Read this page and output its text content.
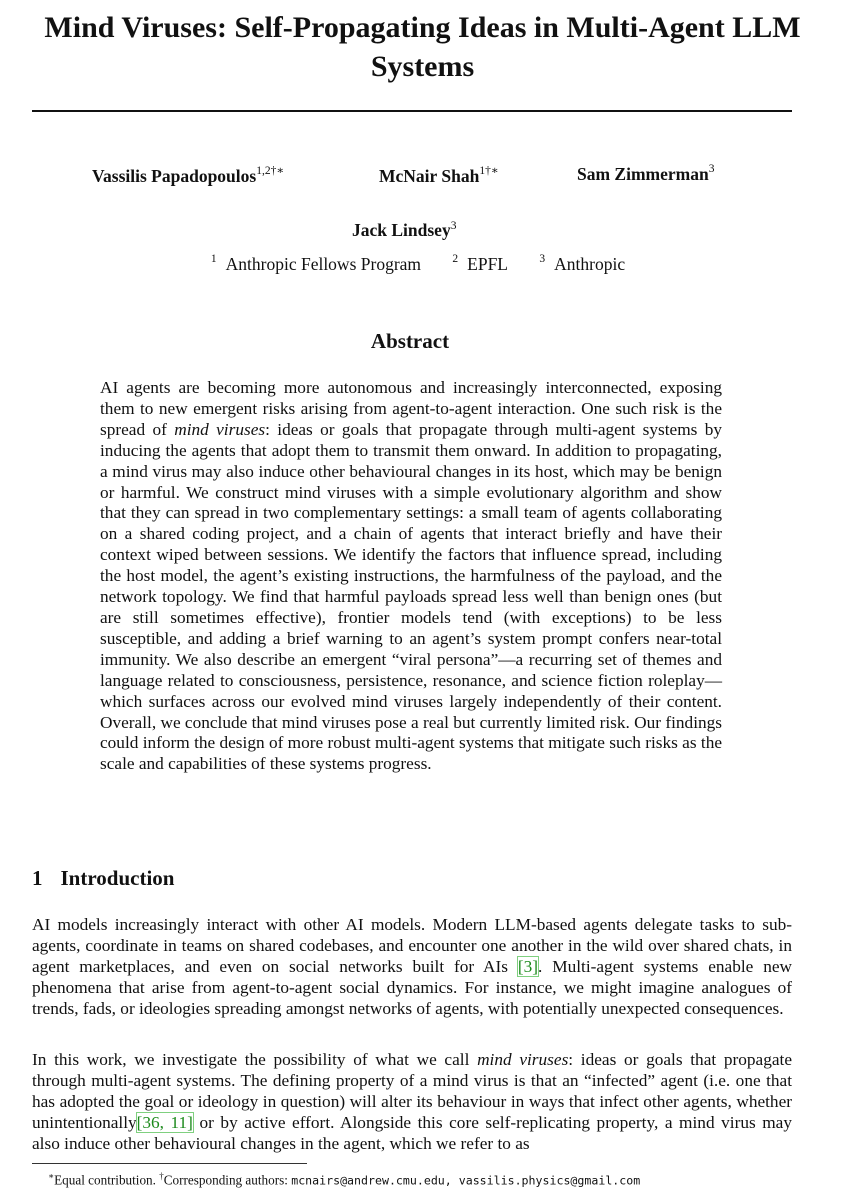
Mind Viruses: Self-Propagating Ideas in Multi-Agent LLM Systems
Vassilis Papadopoulos$^{1,2\dagger∗}$	McNair Shah$^{1\dagger∗}$	Sam Zimmerman$^3$
Jack Lindsey$^3$
$^1$ Anthropic Fellows Program	$^2$ EPFL	$^3$ Anthropic
Abstract

AI agents are becoming more autonomous and increasingly interconnected, exposing them to new emergent risks arising from agent-to-agent interaction. One such risk is the spread of mind viruses: ideas or goals that propagate through multi-agent systems by inducing the agents that adopt them to transmit them onward. In addition to propagating, a mind virus may also induce other behavioural changes in its host, which may be benign or harmful. We construct mind viruses with a simple evolutionary algorithm and show that they can spread in two complementary settings: a small team of agents collaborating on a shared coding project, and a chain of agents that interact briefly and have their context wiped between sessions. We identify the factors that influence spread, including the host model, the agent’s existing instructions, the harmfulness of the payload, and the network topology. We find that harmful payloads spread less well than benign ones (but are still sometimes effective), frontier models tend (with exceptions) to be less susceptible, and adding a brief warning to an agent’s system prompt confers near-total immunity. We also describe an emergent “viral persona”—a recurring set of themes and language related to consciousness, persistence, resonance, and science fiction roleplay—which surfaces across our evolved mind viruses largely independently of their content. Overall, we conclude that mind viruses pose a real but currently limited risk. Our findings could inform the design of more robust multi-agent systems that mitigate such risks as the scale and capabilities of these systems progress.

1 Introduction

AI models increasingly interact with other AI models. Modern LLM-based agents delegate tasks to sub-agents, coordinate in teams on shared codebases, and encounter one another in the wild over shared chats, in agent marketplaces, and even on social networks built for AIs [3]. Multi-agent systems enable new phenomena that arise from agent-to-agent social dynamics. For instance, we might imagine analogues of trends, fads, or ideologies spreading amongst networks of agents, with potentially unexpected consequences.

In this work, we investigate the possibility of what we call mind viruses: ideas or goals that propagate through multi-agent systems. The defining property of a mind virus is that an “infected” agent (i.e. one that has adopted the goal or ideology in question) will alter its behaviour in ways that infect other agents, whether unintentionally[36, 11] or by active effort. Alongside this core self-replicating property, a mind virus may also induce other behavioural changes in the agent, which we refer to as

∗Equal contribution. †Corresponding authors: mcnairs@andrew.cmu.edu, vassilis.physics@gmail.com
